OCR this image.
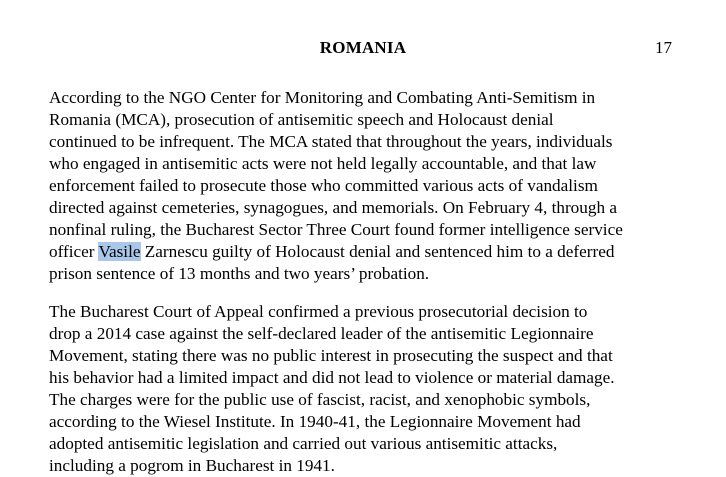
ROMANIA	17

According to the NGO Center for Monitoring and Combating Anti-Semitism in
Romania (MCA), prosecution of antisemitic speech and Holocaust denial
continued to be infrequent. The MCA stated that throughout the years, individuals
who engaged in antisemitic acts were not held legally accountable, and that law
enforcement failed to prosecute those who committed various acts of vandalism
directed against cemeteries, synagogues, and memorials. On February 4, through a
nonfinal ruling, the Bucharest Sector Three Court found former intelligence service
officer Vasile Zarnescu guilty of Holocaust denial and sentenced him to a deferred
prison sentence of 13 months and two years’ probation.

The Bucharest Court of Appeal confirmed a previous prosecutorial decision to
drop a 2014 case against the self-declared leader of the antisemitic Legionnaire
Movement, stating there was no public interest in prosecuting the suspect and that
his behavior had a limited impact and did not lead to violence or material damage.
The charges were for the public use of fascist, racist, and xenophobic symbols,
according to the Wiesel Institute. In 1940-41, the Legionnaire Movement had
adopted antisemitic legislation and carried out various antisemitic attacks,
including a pogrom in Bucharest in 1941.
